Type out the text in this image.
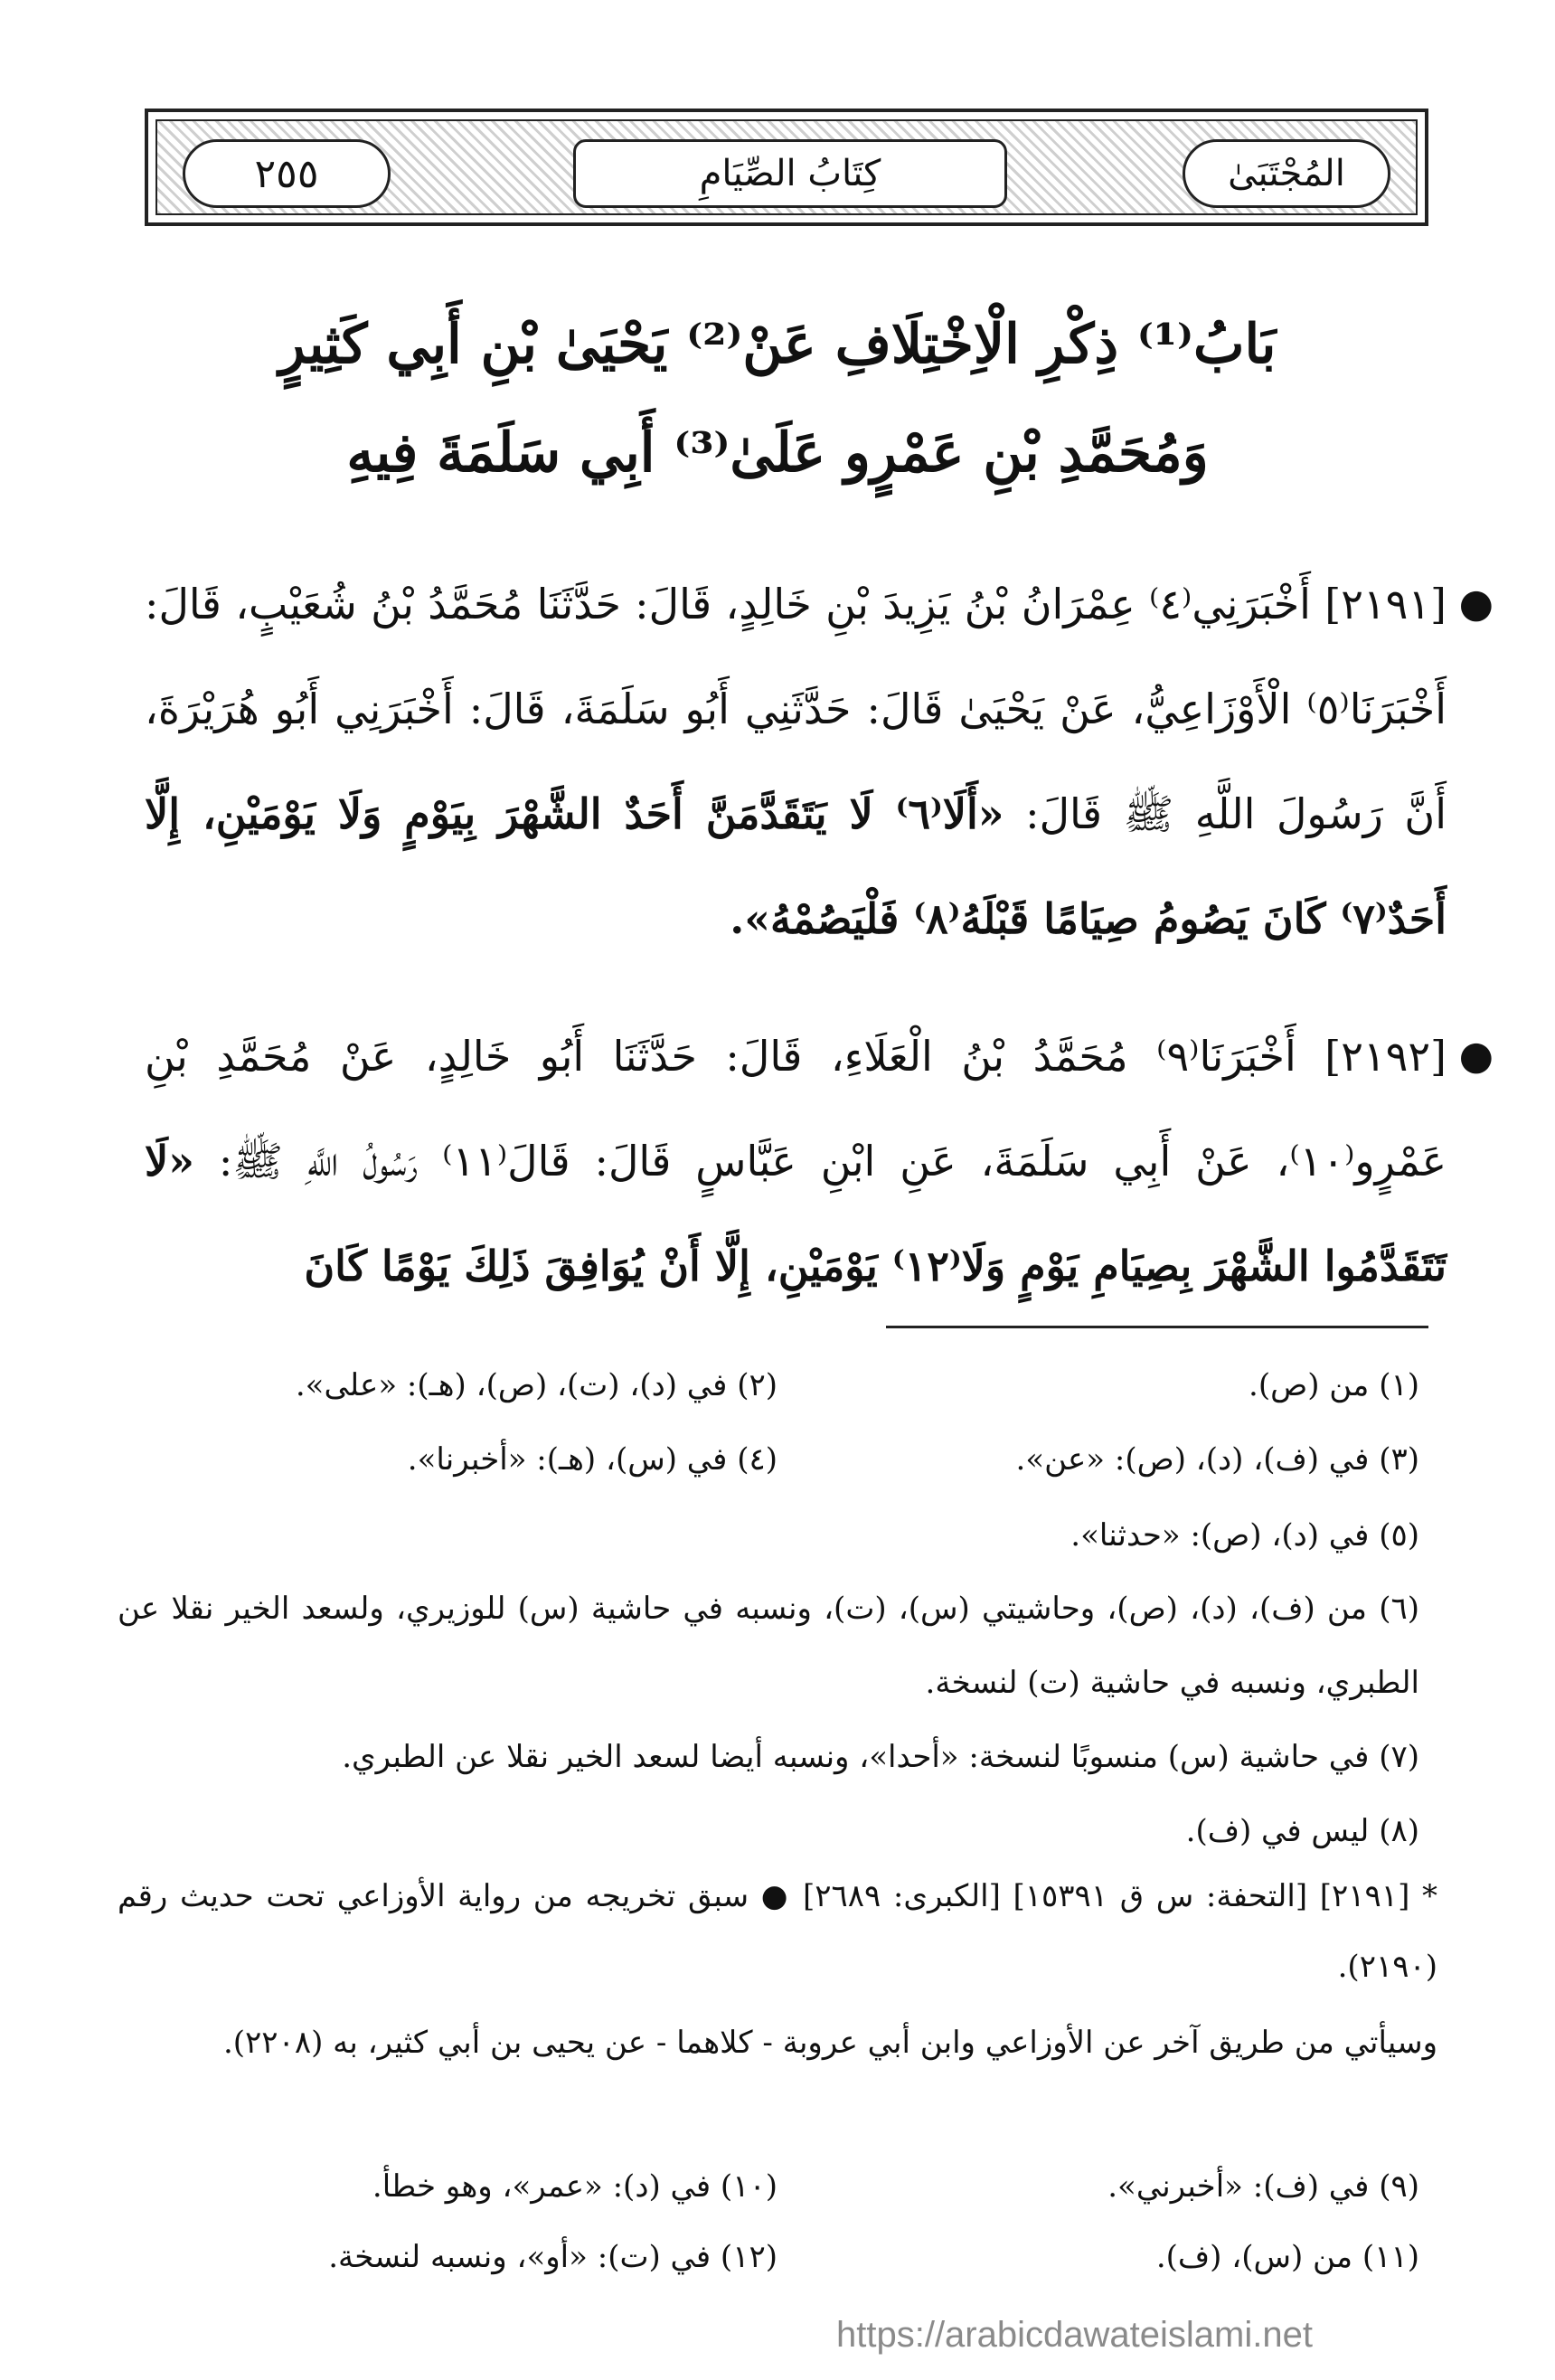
٢٥٥	كِتَابُ الصِّيَامِ	المُجْتَبَىٰ
بَابُ⁽¹⁾ ذِكْرِ الْاِخْتِلَافِ عَنْ⁽²⁾ يَحْيَىٰ بْنِ أَبِي كَثِيرٍ
وَمُحَمَّدِ بْنِ عَمْرٍو عَلَىٰ⁽³⁾ أَبِي سَلَمَةَ فِيهِ
●
[٢١٩١] أَخْبَرَنِي⁽٤⁾ عِمْرَانُ بْنُ يَزِيدَ بْنِ خَالِدٍ، قَالَ: حَدَّثَنَا مُحَمَّدُ بْنُ شُعَيْبٍ، قَالَ: أَخْبَرَنَا⁽٥⁾ الْأَوْزَاعِيُّ، عَنْ يَحْيَىٰ قَالَ: حَدَّثَنِي أَبُو سَلَمَةَ، قَالَ: أَخْبَرَنِي أَبُو هُرَيْرَةَ، أَنَّ رَسُولَ اللَّهِ ﷺ قَالَ: «أَلَا⁽٦⁾ لَا يَتَقَدَّمَنَّ أَحَدٌ الشَّهْرَ بِيَوْمٍ وَلَا يَوْمَيْنِ، إِلَّا أَحَدٌ⁽٧⁾ كَانَ يَصُومُ صِيَامًا قَبْلَهُ⁽٨⁾ فَلْيَصُمْهُ».
●
[٢١٩٢] أَخْبَرَنَا⁽٩⁾ مُحَمَّدُ بْنُ الْعَلَاءِ، قَالَ: حَدَّثَنَا أَبُو خَالِدٍ، عَنْ مُحَمَّدِ بْنِ عَمْرٍو⁽١٠⁾، عَنْ أَبِي سَلَمَةَ، عَنِ ابْنِ عَبَّاسٍ قَالَ: قَالَ⁽١١⁾ رَسُولُ اللَّهِ ﷺ: «لَا تَتَقَدَّمُوا الشَّهْرَ بِصِيَامِ يَوْمٍ وَلَا⁽١٢⁾ يَوْمَيْنِ، إِلَّا أَنْ يُوَافِقَ ذَلِكَ يَوْمًا كَانَ
(١) من (ص).
(٢) في (د)، (ت)، (ص)، (هـ): «على».
(٣) في (ف)، (د)، (ص): «عن».
(٤) في (س)، (هـ): «أخبرنا».
(٥) في (د)، (ص): «حدثنا».
(٦) من (ف)، (د)، (ص)، وحاشيتي (س)، (ت)، ونسبه في حاشية (س) للوزيري، ولسعد الخير نقلا عن الطبري، ونسبه في حاشية (ت) لنسخة.
(٧) في حاشية (س) منسوبًا لنسخة: «أحدا»، ونسبه أيضا لسعد الخير نقلا عن الطبري.
(٨) ليس في (ف).
* [٢١٩١] [التحفة: س ق ١٥٣٩١] [الكبرى: ٢٦٨٩] ● سبق تخريجه من رواية الأوزاعي تحت حديث رقم (٢١٩٠).
وسيأتي من طريق آخر عن الأوزاعي وابن أبي عروبة - كلاهما - عن يحيى بن أبي كثير، به (٢٢٠٨).
(٩) في (ف): «أخبرني».
(١٠) في (د): «عمر»، وهو خطأ.
(١١) من (س)، (ف).
(١٢) في (ت): «أو»، ونسبه لنسخة.
https://arabicdawateislami.net
